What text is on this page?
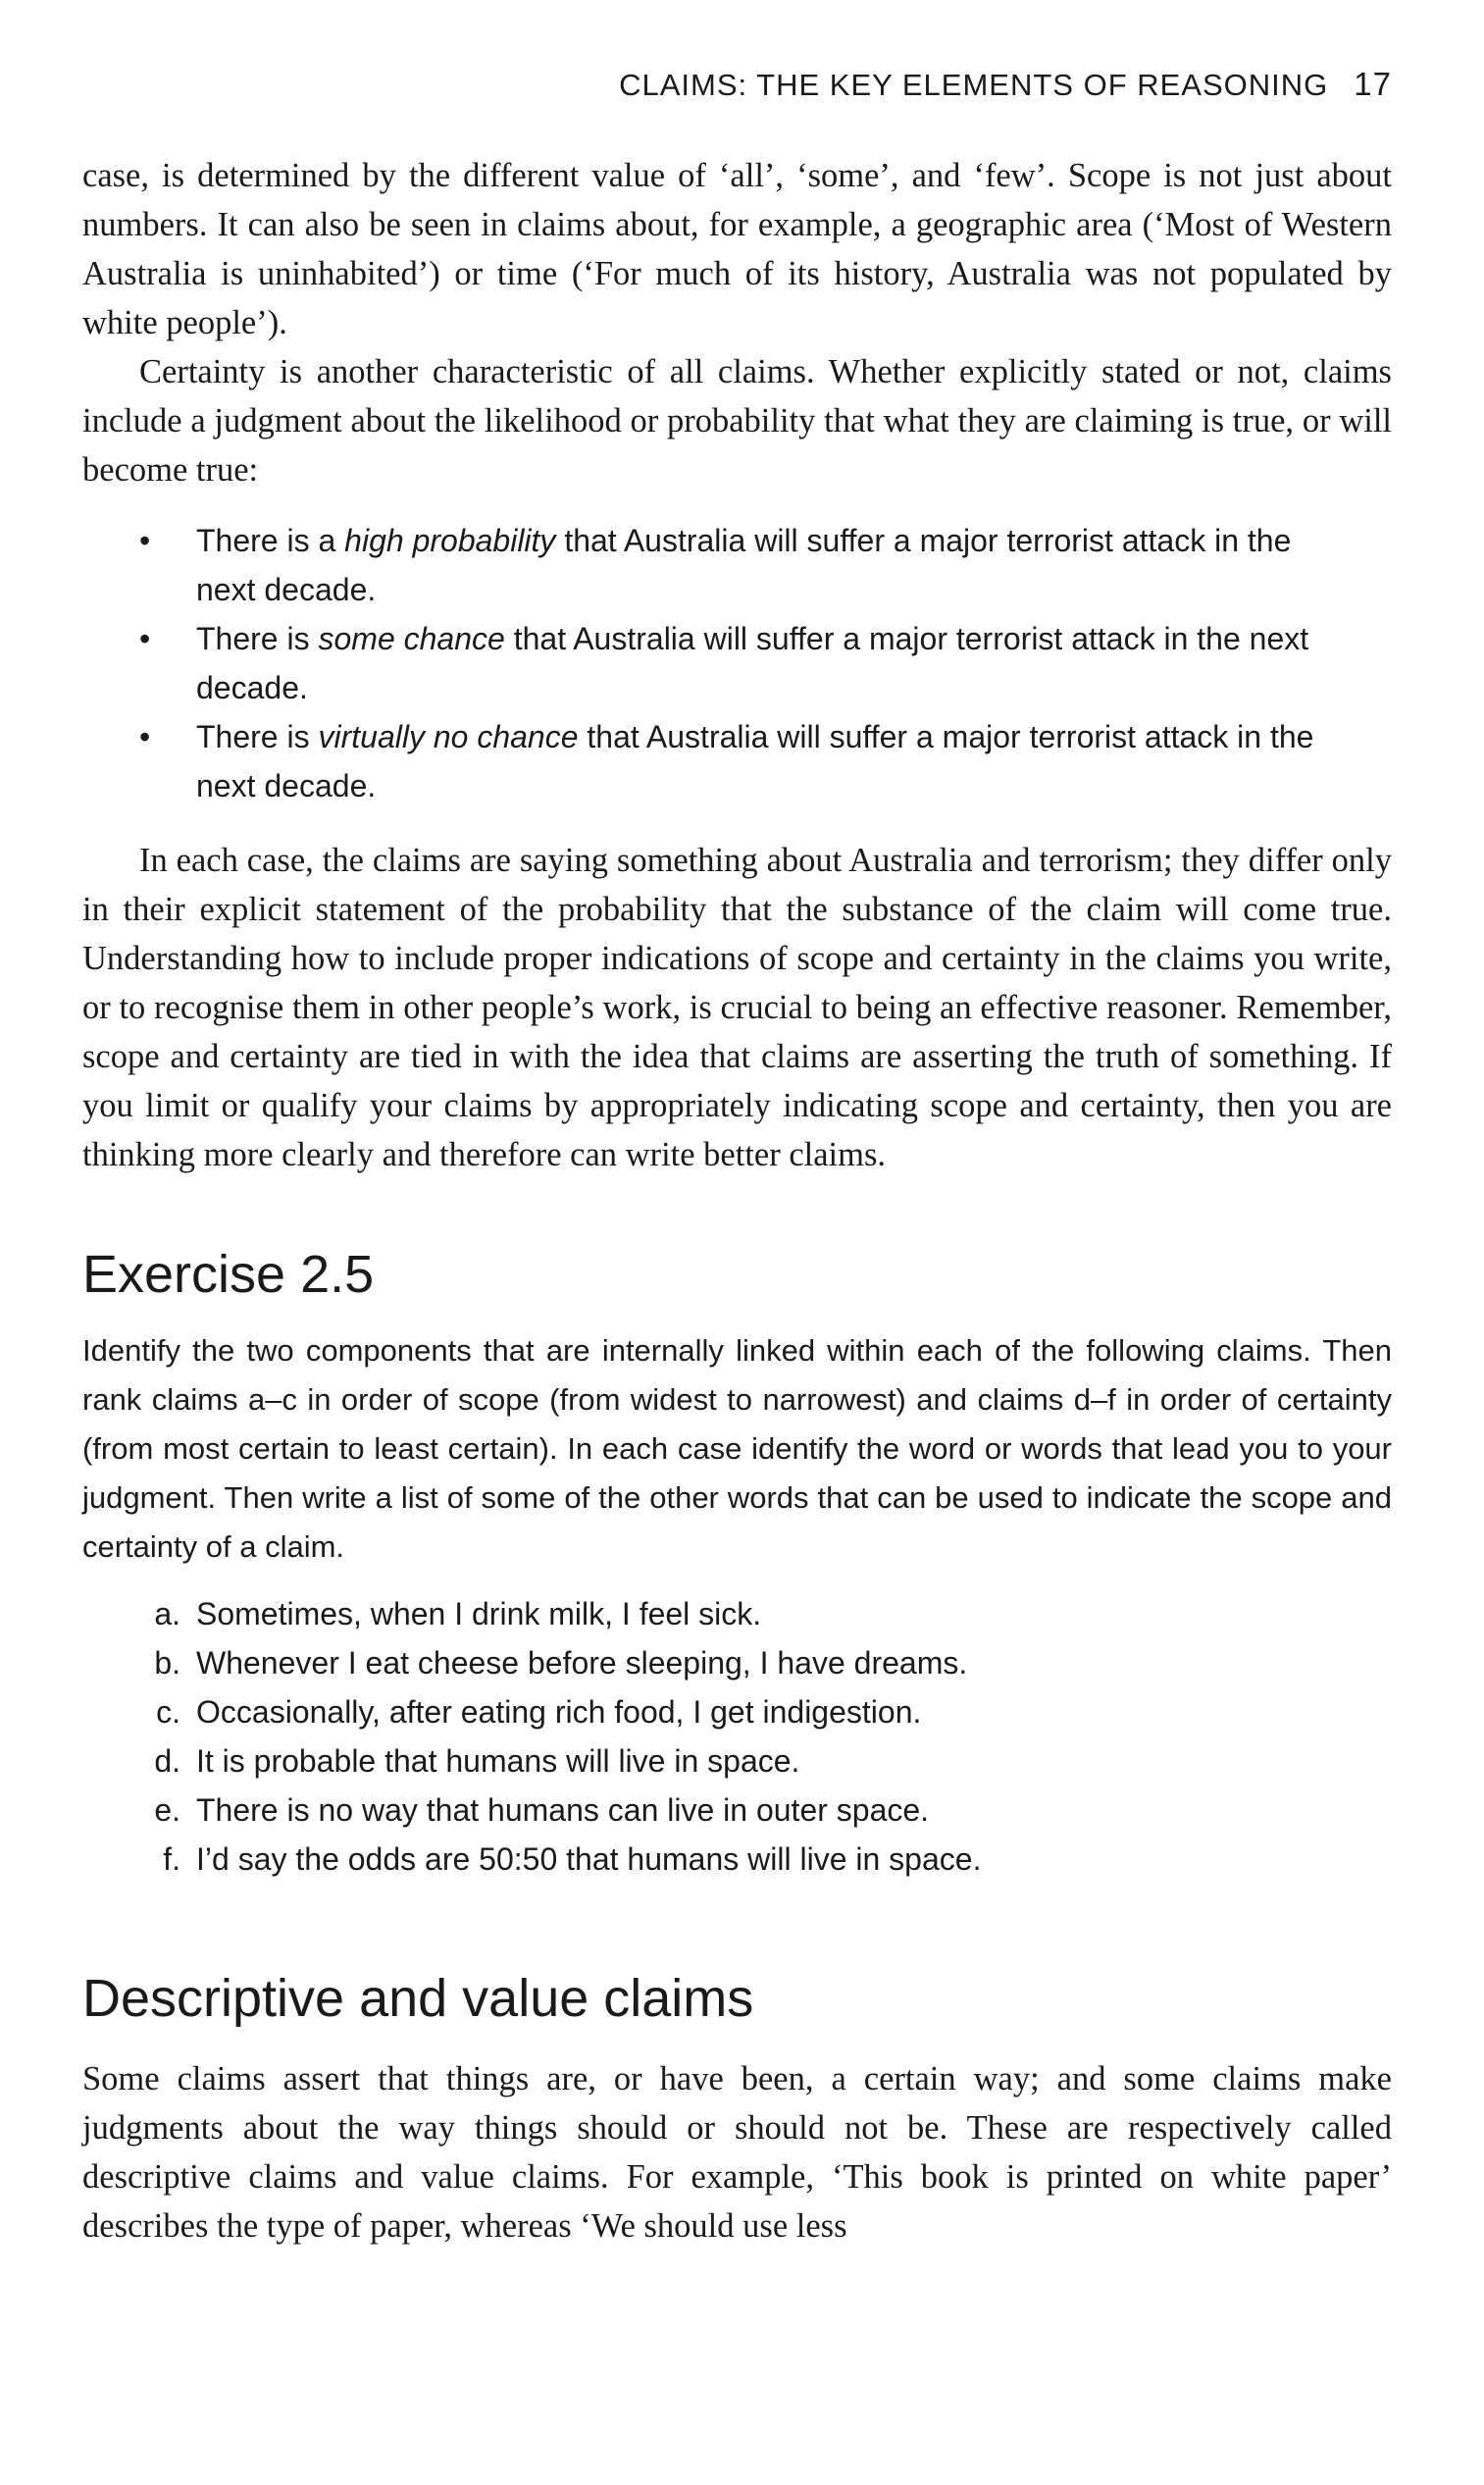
CLAIMS: THE KEY ELEMENTS OF REASONING 17

case, is determined by the different value of ‘all’, ‘some’, and ‘few’. Scope is not just about numbers. It can also be seen in claims about, for example, a geographic area (‘Most of Western Australia is uninhabited’) or time (‘For much of its history, Australia was not populated by white people’).

Certainty is another characteristic of all claims. Whether explicitly stated or not, claims include a judgment about the likelihood or probability that what they are claiming is true, or will become true:

• There is a high probability that Australia will suffer a major terrorist attack in the next decade.
• There is some chance that Australia will suffer a major terrorist attack in the next decade.
• There is virtually no chance that Australia will suffer a major terrorist attack in the next decade.

In each case, the claims are saying something about Australia and terrorism; they differ only in their explicit statement of the probability that the substance of the claim will come true. Understanding how to include proper indications of scope and certainty in the claims you write, or to recognise them in other people’s work, is crucial to being an effective reasoner. Remember, scope and certainty are tied in with the idea that claims are asserting the truth of something. If you limit or qualify your claims by appropriately indicating scope and certainty, then you are thinking more clearly and therefore can write better claims.

Exercise 2.5

Identify the two components that are internally linked within each of the following claims. Then rank claims a–c in order of scope (from widest to narrowest) and claims d–f in order of certainty (from most certain to least certain). In each case identify the word or words that lead you to your judgment. Then write a list of some of the other words that can be used to indicate the scope and certainty of a claim.

a. Sometimes, when I drink milk, I feel sick.
b. Whenever I eat cheese before sleeping, I have dreams.
c. Occasionally, after eating rich food, I get indigestion.
d. It is probable that humans will live in space.
e. There is no way that humans can live in outer space.
f. I’d say the odds are 50:50 that humans will live in space.
Descriptive and value claims

Some claims assert that things are, or have been, a certain way; and some claims make judgments about the way things should or should not be. These are respectively called descriptive claims and value claims. For example, ‘This book is printed on white paper’ describes the type of paper, whereas ‘We should use less
